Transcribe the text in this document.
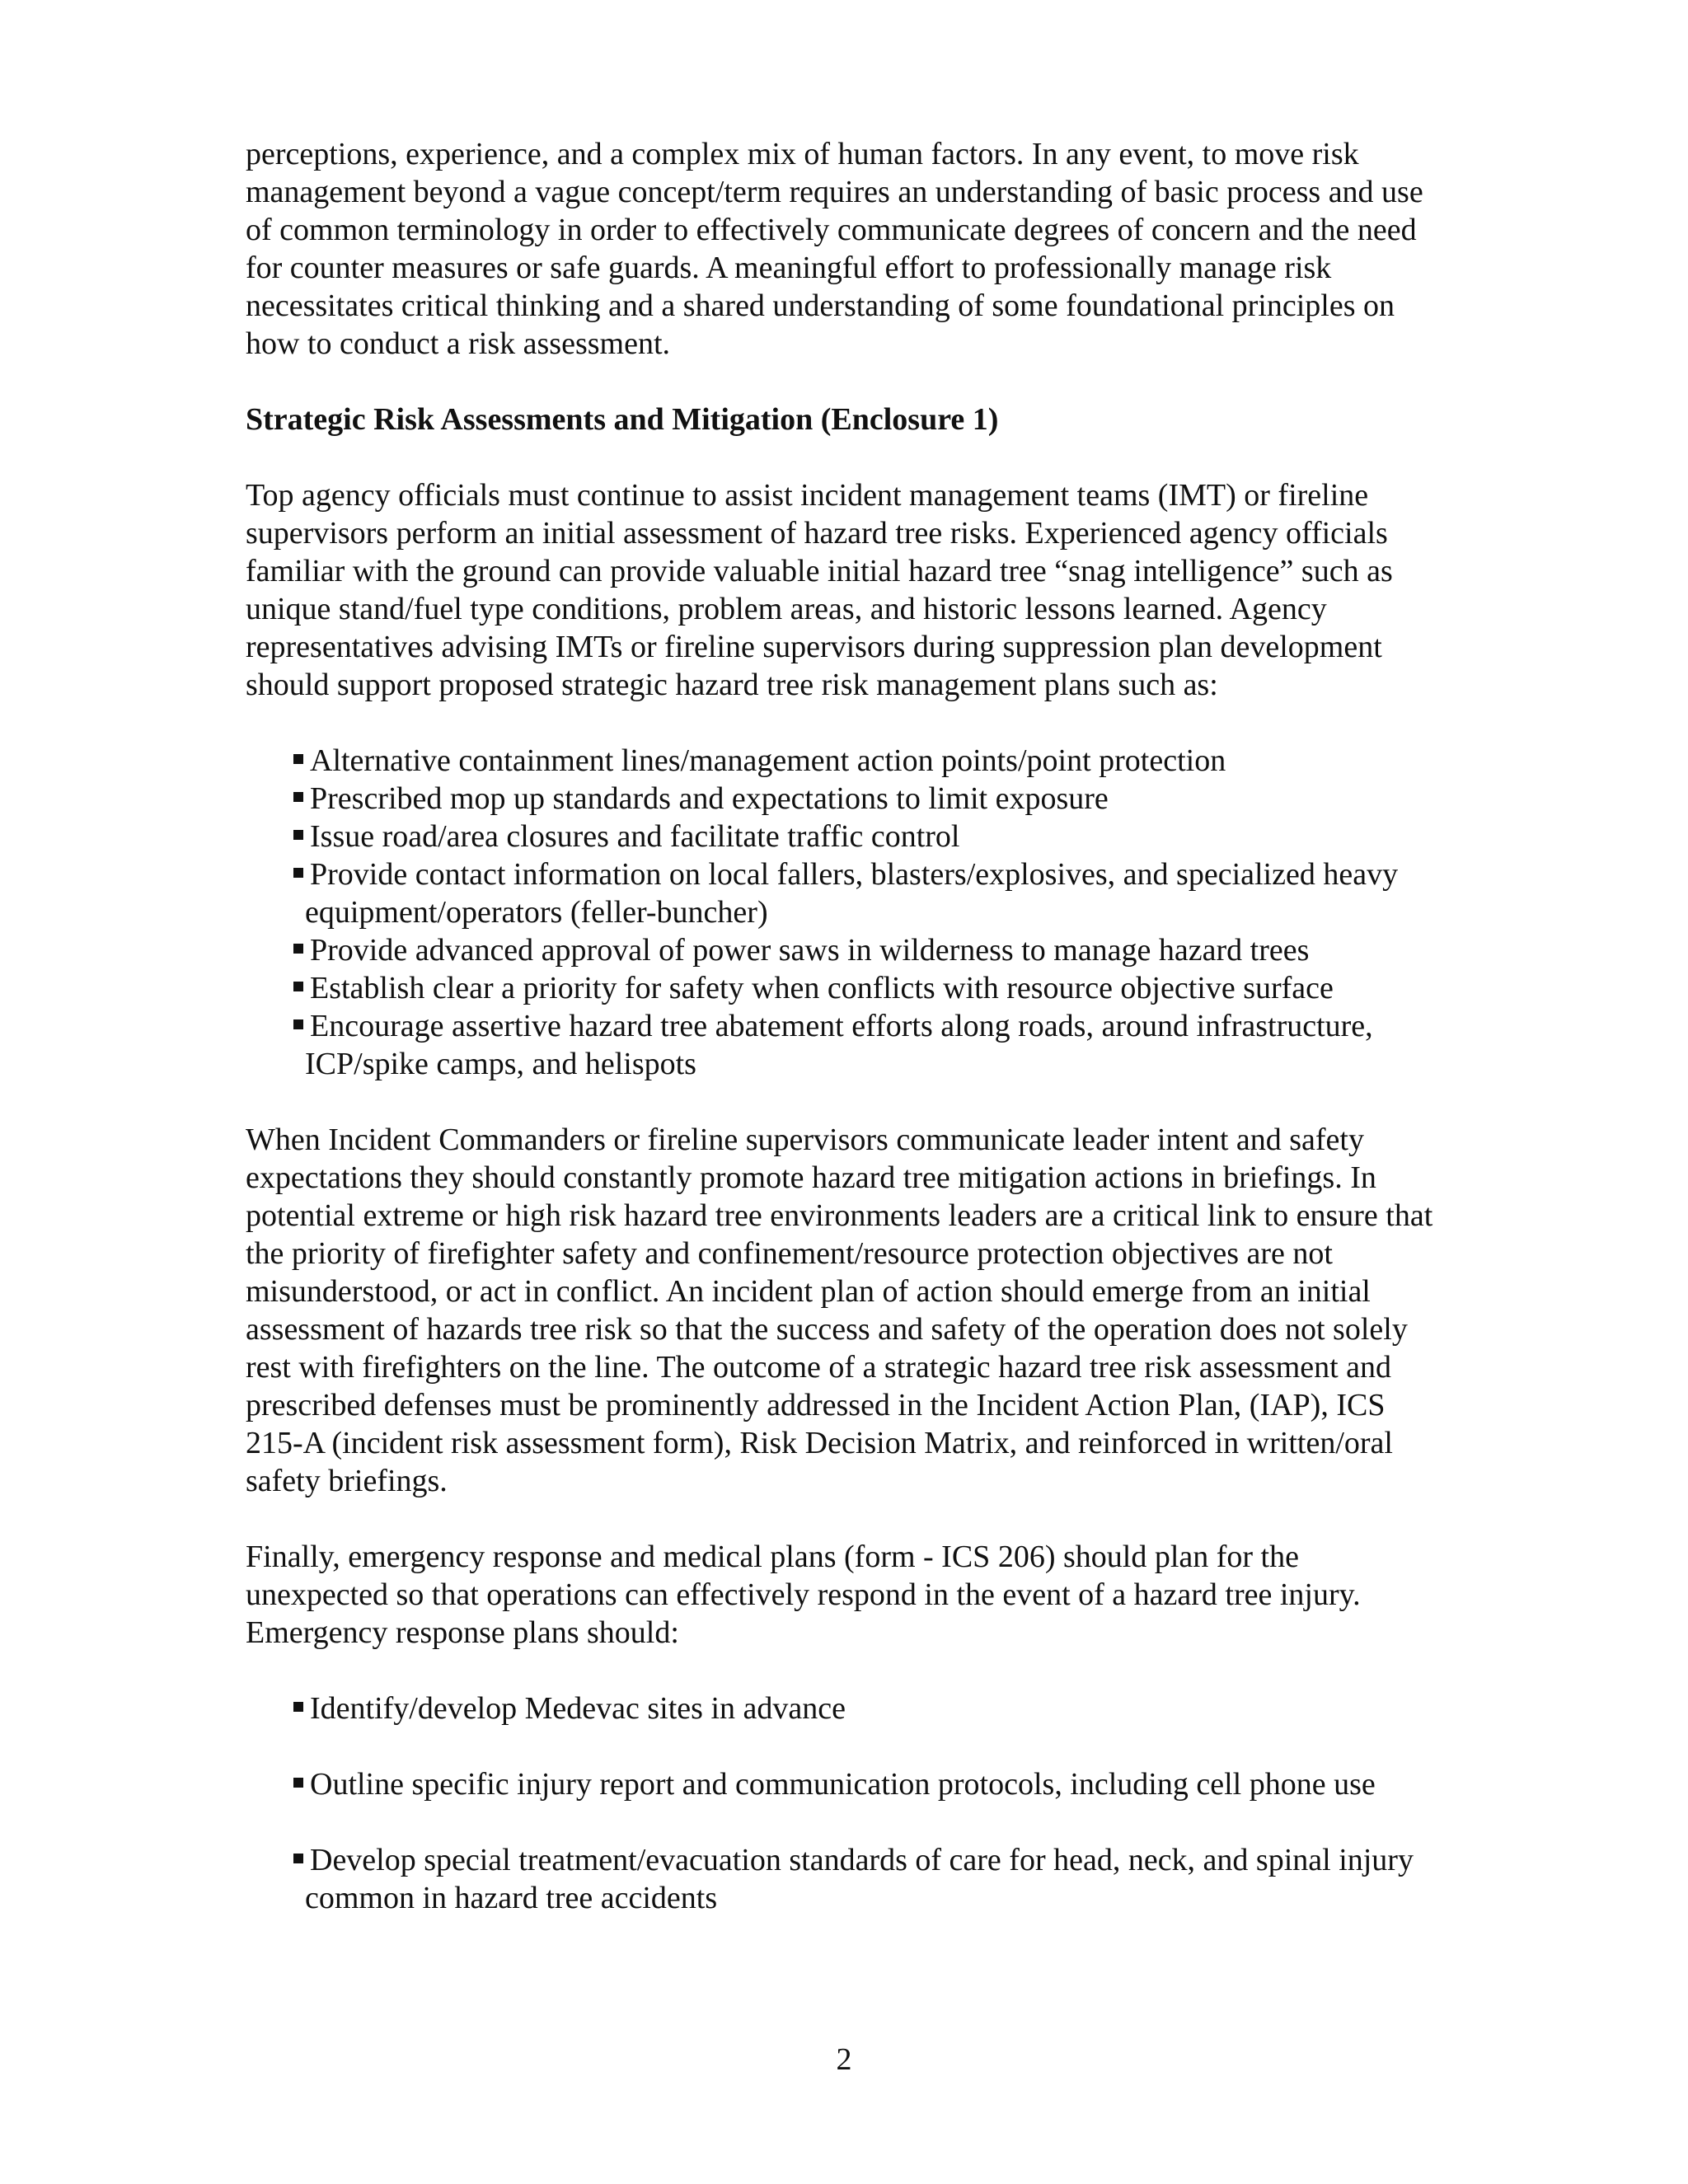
perceptions, experience, and a complex mix of human factors. In any event, to move risk management beyond a vague concept/term requires an understanding of basic process and use of common terminology in order to effectively communicate degrees of concern and the need for counter measures or safe guards. A meaningful effort to professionally manage risk necessitates critical thinking and a shared understanding of some foundational principles on how to conduct a risk assessment.

Strategic Risk Assessments and Mitigation (Enclosure 1)

Top agency officials must continue to assist incident management teams (IMT) or fireline supervisors perform an initial assessment of hazard tree risks. Experienced agency officials familiar with the ground can provide valuable initial hazard tree “snag intelligence” such as unique stand/fuel type conditions, problem areas, and historic lessons learned. Agency representatives advising IMTs or fireline supervisors during suppression plan development should support proposed strategic hazard tree risk management plans such as:

Alternative containment lines/management action points/point protection
Prescribed mop up standards and expectations to limit exposure
Issue road/area closures and facilitate traffic control
Provide contact information on local fallers, blasters/explosives, and specialized heavy equipment/operators (feller-buncher)
Provide advanced approval of power saws in wilderness to manage hazard trees
Establish clear a priority for safety when conflicts with resource objective surface
Encourage assertive hazard tree abatement efforts along roads, around infrastructure, ICP/spike camps, and helispots

When Incident Commanders or fireline supervisors communicate leader intent and safety expectations they should constantly promote hazard tree mitigation actions in briefings. In potential extreme or high risk hazard tree environments leaders are a critical link to ensure that the priority of firefighter safety and confinement/resource protection objectives are not misunderstood, or act in conflict. An incident plan of action should emerge from an initial assessment of hazards tree risk so that the success and safety of the operation does not solely rest with firefighters on the line. The outcome of a strategic hazard tree risk assessment and prescribed defenses must be prominently addressed in the Incident Action Plan, (IAP), ICS 215-A (incident risk assessment form), Risk Decision Matrix, and reinforced in written/oral safety briefings.

Finally, emergency response and medical plans (form - ICS 206) should plan for the unexpected so that operations can effectively respond in the event of a hazard tree injury. Emergency response plans should:

Identify/develop Medevac sites in advance
Outline specific injury report and communication protocols, including cell phone use
Develop special treatment/evacuation standards of care for head, neck, and spinal injury common in hazard tree accidents
2
